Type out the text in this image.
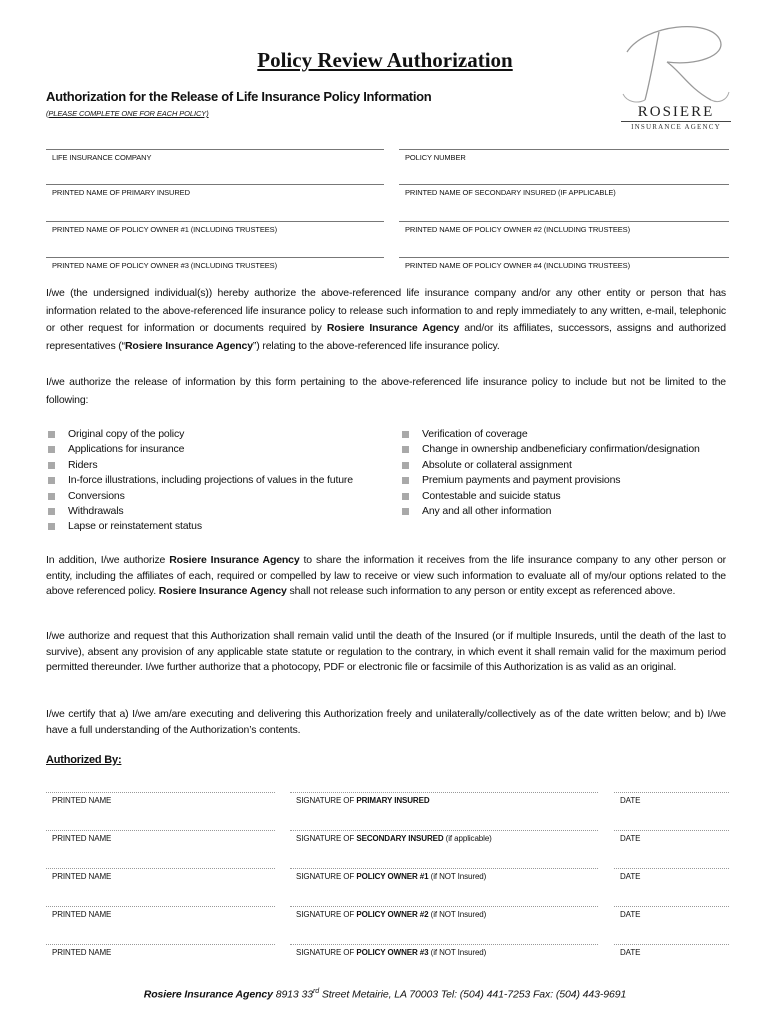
Policy Review Authorization
ROSIERE
INSURANCE AGENCY
Authorization for the Release of Life Insurance Policy Information
(PLEASE COMPLETE ONE FOR EACH POLICY)
LIFE INSURANCE COMPANY	POLICY NUMBER
PRINTED NAME OF PRIMARY INSURED	PRINTED NAME OF SECONDARY INSURED (IF APPLICABLE)
PRINTED NAME OF POLICY OWNER #1 (INCLUDING TRUSTEES)	PRINTED NAME OF POLICY OWNER #2 (INCLUDING TRUSTEES)
PRINTED NAME OF POLICY OWNER #3 (INCLUDING TRUSTEES)	PRINTED NAME OF POLICY OWNER #4 (INCLUDING TRUSTEES)
I/we (the undersigned individual(s)) hereby authorize the above-referenced life insurance company and/or any other entity or person that has information related to the above-referenced life insurance policy to release such information to and reply immediately to any written, e-mail, telephonic or other request for information or documents required by Rosiere Insurance Agency and/or its affiliates, successors, assigns and authorized representatives (“Rosiere Insurance Agency”) relating to the above-referenced life insurance policy.
I/we authorize the release of information by this form pertaining to the above-referenced life insurance policy to include but not be limited to the following:
Original copy of the policy
Applications for insurance
Riders
In-force illustrations, including projections of values in the future
Conversions
Withdrawals
Lapse or reinstatement status
Verification of coverage
Change in ownership andbeneficiary confirmation/designation
Absolute or collateral assignment
Premium payments and payment provisions
Contestable and suicide status
Any and all other information
In addition, I/we authorize Rosiere Insurance Agency to share the information it receives from the life insurance company to any other person or entity, including the affiliates of each, required or compelled by law to receive or view such information to evaluate all of my/our options related to the above referenced policy. Rosiere Insurance Agency shall not release such information to any person or entity except as referenced above.
I/we authorize and request that this Authorization shall remain valid until the death of the Insured (or if multiple Insureds, until the death of the last to survive), absent any provision of any applicable state statute or regulation to the contrary, in which event it shall remain valid for the maximum period permitted thereunder. I/we further authorize that a photocopy, PDF or electronic file or facsimile of this Authorization is as valid as an original.
I/we certify that a) I/we am/are executing and delivering this Authorization freely and unilaterally/collectively as of the date written below; and b) I/we have a full understanding of the Authorization’s contents.
Authorized By:
PRINTED NAME	SIGNATURE OF PRIMARY INSURED	DATE
PRINTED NAME	SIGNATURE OF SECONDARY INSURED (if applicable)	DATE
PRINTED NAME	SIGNATURE OF POLICY OWNER #1 (if NOT Insured)	DATE
PRINTED NAME	SIGNATURE OF POLICY OWNER #2 (if NOT Insured)	DATE
PRINTED NAME	SIGNATURE OF POLICY OWNER #3 (if NOT Insured)	DATE
Rosiere Insurance Agency 8913 33rd Street Metairie, LA 70003 Tel: (504) 441-7253 Fax: (504) 443-9691
